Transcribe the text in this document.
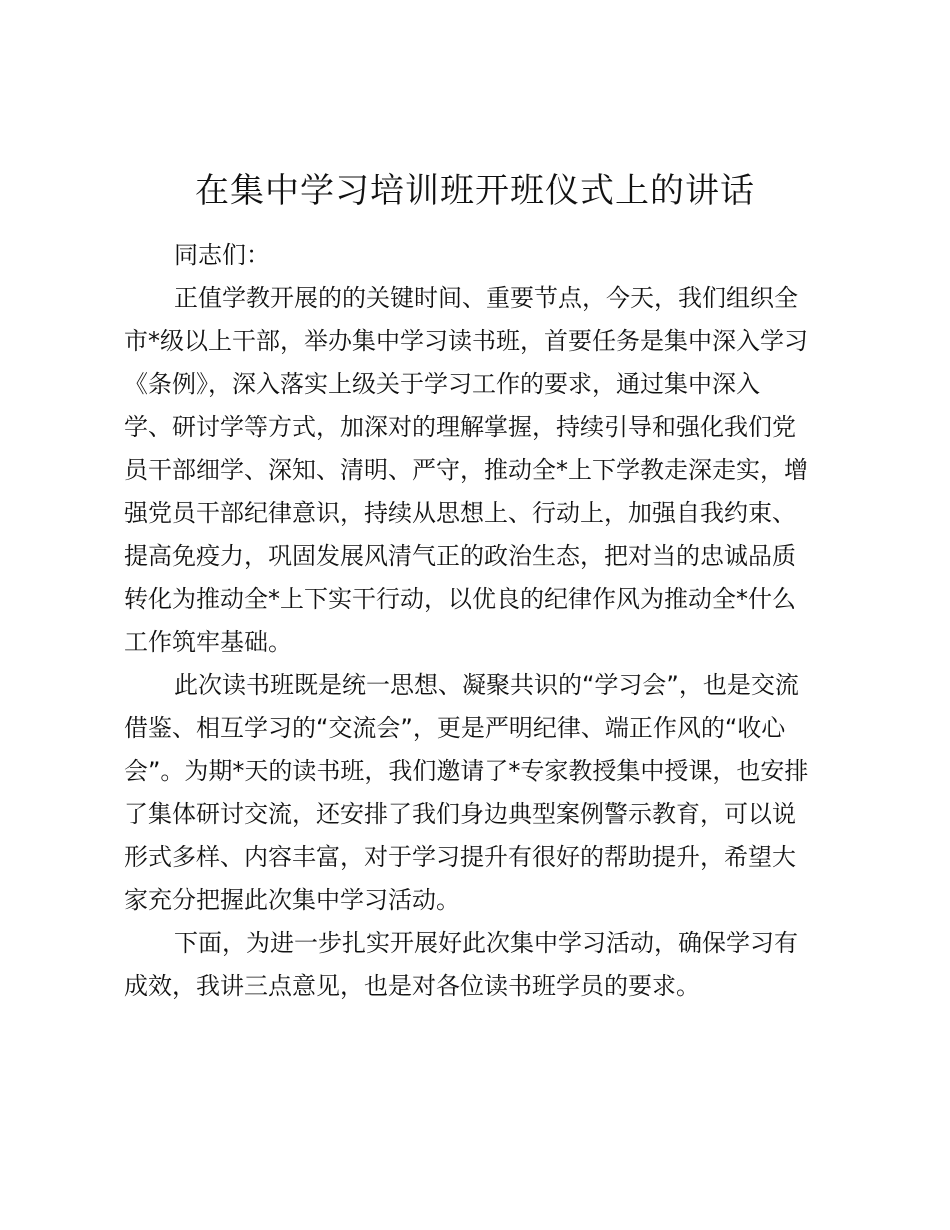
在集中学习培训班开班仪式上的讲话
同志们：
正值学教开展的的关键时间、重要节点，今天，我们组织全
市*级以上干部，举办集中学习读书班，首要任务是集中深入学习
《条例》，深入落实上级关于学习工作的要求，通过集中深入
学、研讨学等方式，加深对的理解掌握，持续引导和强化我们党
员干部细学、深知、清明、严守，推动全*上下学教走深走实，增
强党员干部纪律意识，持续从思想上、行动上，加强自我约束、
提高免疫力，巩固发展风清气正的政治生态，把对当的忠诚品质
转化为推动全*上下实干行动，以优良的纪律作风为推动全*什么
工作筑牢基础。
此次读书班既是统一思想、凝聚共识的“学习会”，也是交流
借鉴、相互学习的“交流会”，更是严明纪律、端正作风的“收心
会”。为期*天的读书班，我们邀请了*专家教授集中授课，也安排
了集体研讨交流，还安排了我们身边典型案例警示教育，可以说
形式多样、内容丰富，对于学习提升有很好的帮助提升，希望大
家充分把握此次集中学习活动。
下面，为进一步扎实开展好此次集中学习活动，确保学习有
成效，我讲三点意见，也是对各位读书班学员的要求。
